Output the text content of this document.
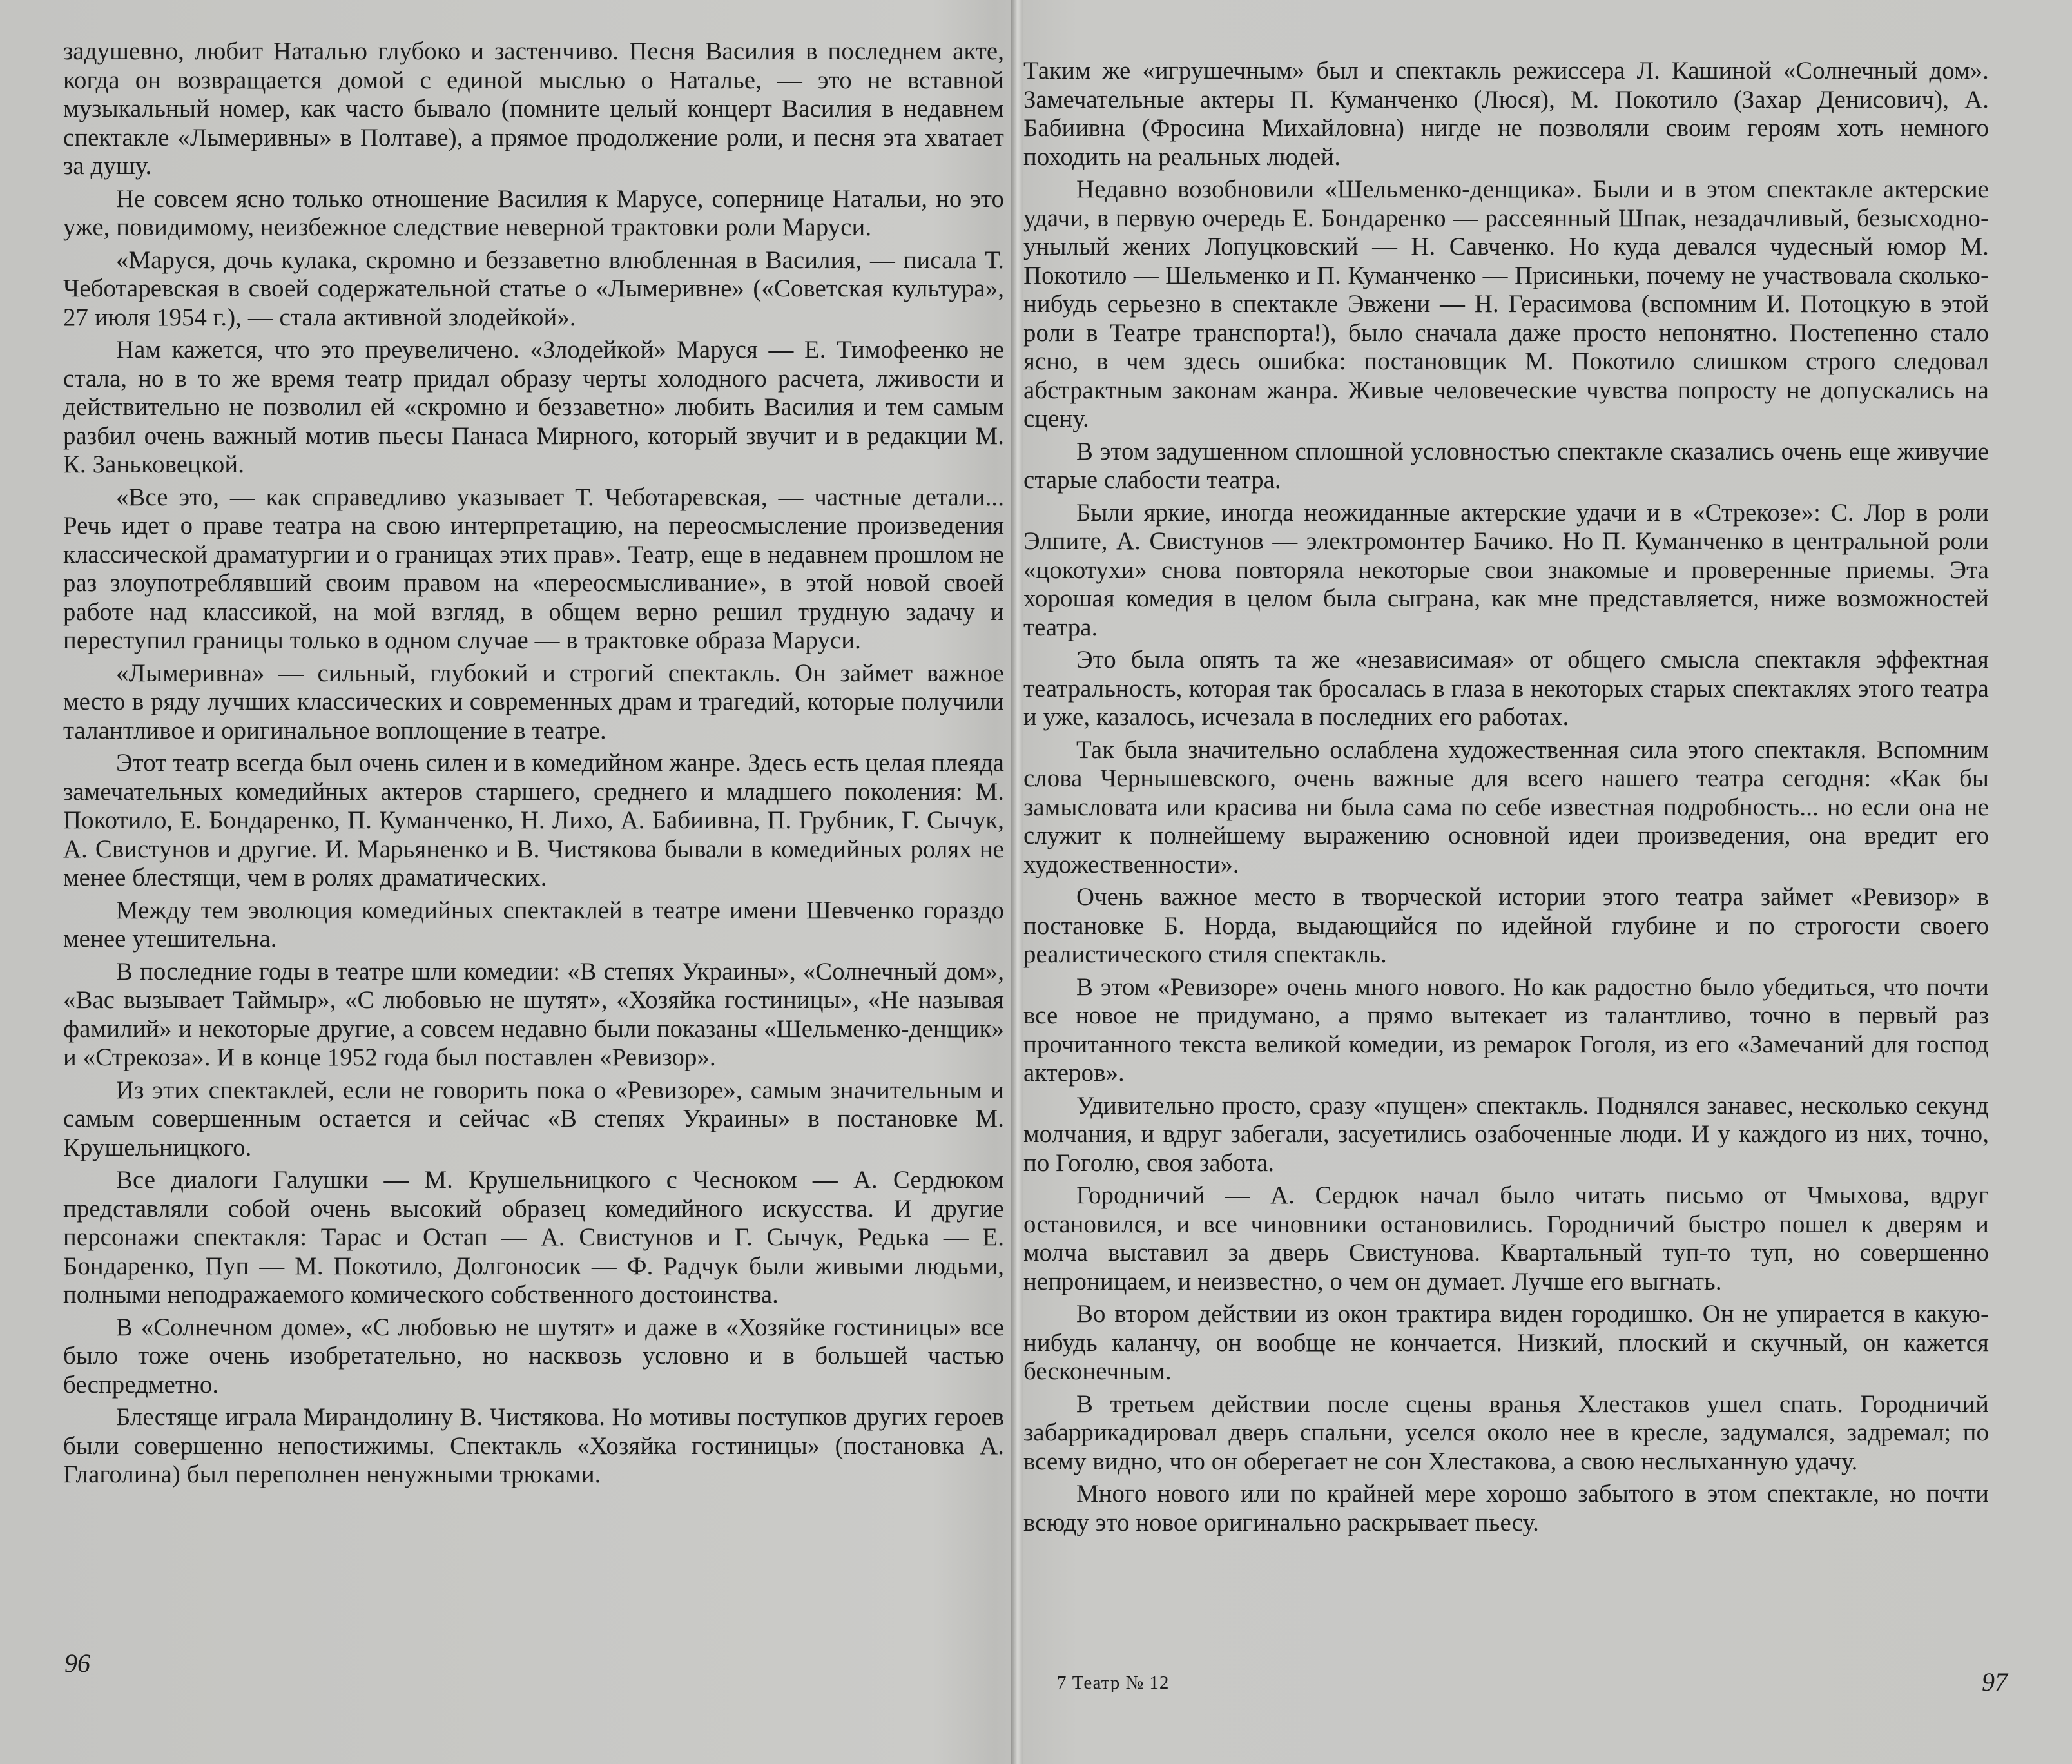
задушевно, любит Наталью глубоко и застенчиво. Песня Василия в последнем акте, когда он возвращается домой с единой мыслью о Натальe, — это не вставной музыкальный номер, как часто бывало (помните целый концерт Василия в недавнем спектакле «Лымеривны» в Полтаве), а прямое продолжение роли, и песня эта хватает за душу.

Не совсем ясно только отношение Василия к Марусе, сопернице Натальи, но это уже, повидимому, неизбежное следствие неверной трактовки роли Маруси.

«Маруся, дочь кулака, скромно и беззаветно влюбленная в Василия, — писала Т. Чеботаревская в своей содержательной статье о «Лымеривне» («Советская культура», 27 июля 1954 г.), — стала активной злодейкой».

Нам кажется, что это преувеличено. «Злодейкой» Маруся — Е. Тимофеенко не стала, но в то же время театр придал образу черты холодного расчета, лживости и действительно не позволил ей «скромно и беззаветно» любить Василия и тем самым разбил очень важный мотив пьесы Панаса Мирного, который звучит и в редакции М. К. Заньковецкой.

«Все это, — как справедливо указывает Т. Чеботаревская, — частные детали... Речь идет о праве театра на свою интерпретацию, на переосмысление произведения классической драматургии и о границах этих прав». Театр, еще в недавнем прошлом не раз злоупотреблявший своим правом на «переосмысливание», в этой новой своей работе над классикой, на мой взгляд, в общем верно решил трудную задачу и переступил границы только в одном случае — в трактовке образа Маруси.

«Лымеривна» — сильный, глубокий и строгий спектакль. Он займет важное место в ряду лучших классических и современных драм и трагедий, которые получили талантливое и оригинальное воплощение в театре.

Этот театр всегда был очень силен и в комедийном жанре. Здесь есть целая плеяда замечательных комедийных актеров старшего, среднего и младшего поколения: М. Покотило, Е. Бондаренко, П. Куманченко, Н. Лихо, А. Бабиивна, П. Грубник, Г. Сычук, А. Свистунов и другие. И. Марьяненко и В. Чистякова бывали в комедийных ролях не менее блестящи, чем в ролях драматических.

Между тем эволюция комедийных спектаклей в театре имени Шевченко гораздо менее утешительна.

В последние годы в театре шли комедии: «В степях Украины», «Солнечный дом», «Вас вызывает Таймыр», «С любовью не шутят», «Хозяйка гостиницы», «Не называя фамилий» и некоторые другие, а совсем недавно были показаны «Шельменко-денщик» и «Стрекоза». И в конце 1952 года был поставлен «Ревизор».

Из этих спектаклей, если не говорить пока о «Ревизоре», самым значительным и самым совершенным остается и сейчас «В степях Украины» в постановке М. Крушельницкого.

Все диалоги Галушки — М. Крушельницкого с Чесноком — А. Сердюком представляли собой очень высокий образец комедийного искусства. И другие персонажи спектакля: Тарас и Остап — А. Свистунов и Г. Сычук, Редька — Е. Бондаренко, Пуп — М. Покотило, Долгоносик — Ф. Радчук были живыми людьми, полными неподражаемого комического собственного достоинства.

В «Солнечном доме», «С любовью не шутят» и даже в «Хозяйке гостиницы» все было тоже очень изобретательно, но насквозь условно и в большей частью беспредметно.

Блестяще играла Мирандолину В. Чистякова. Но мотивы поступков других героев были совершенно непостижимы. Спектакль «Хозяйка гостиницы» (постановка А. Глаголина) был переполнен ненужными трюками.

96

Таким же «игрушечным» был и спектакль режиссера Л. Кашиной «Солнечный дом». Замечательные актеры П. Куманченко (Люся), М. Покотило (Захар Денисович), А. Бабиивна (Фросина Михайловна) нигде не позволяли своим героям хоть немного походить на реальных людей.

Недавно возобновили «Шельменко-денщика». Были и в этом спектакле актерские удачи, в первую очередь Е. Бондаренко — рассеянный Шпак, незадачливый, безысходно-унылый жених Лопуцковский — Н. Савченко. Но куда девался чудесный юмор М. Покотило — Шельменко и П. Куманченко — Присиньки, почему не участвовала сколько-нибудь серьезно в спектакле Эвжени — Н. Герасимова (вспомним И. Потоцкую в этой роли в Театре транспорта!), было сначала даже просто непонятно. Постепенно стало ясно, в чем здесь ошибка: постановщик М. Покотило слишком строго следовал абстрактным законам жанра. Живые человеческие чувства попросту не допускались на сцену.

В этом задушенном сплошной условностью спектакле сказались очень еще живучие старые слабости театра.

Были яркие, иногда неожиданные актерские удачи и в «Стрекозе»: С. Лор в роли Элпите, А. Свистунов — электромонтер Бачико. Но П. Куманченко в центральной роли «цокотухи» снова повторяла некоторые свои знакомые и проверенные приемы. Эта хорошая комедия в целом была сыграна, как мне представляется, ниже возможностей театра.

Это была опять та же «независимая» от общего смысла спектакля эффектная театральность, которая так бросалась в глаза в некоторых старых спектаклях этого театра и уже, казалось, исчезала в последних его работах.

Так была значительно ослаблена художественная сила этого спектакля. Вспомним слова Чернышевского, очень важные для всего нашего театра сегодня: «Как бы замысловата или красива ни была сама по себе известная подробность... но если она не служит к полнейшему выражению основной идеи произведения, она вредит его художественности».

Очень важное место в творческой истории этого театра займет «Ревизор» в постановке Б. Норда, выдающийся по идейной глубине и по строгости своего реалистического стиля спектакль.

В этом «Ревизоре» очень много нового. Но как радостно было убедиться, что почти все новое не придумано, а прямо вытекает из талантливо, точно в первый раз прочитанного текста великой комедии, из ремарок Гоголя, из его «Замечаний для господ актеров».

Удивительно просто, сразу «пущен» спектакль. Поднялся занавес, несколько секунд молчания, и вдруг забегали, засуетились озабоченные люди. И у каждого из них, точно, по Гоголю, своя забота.

Городничий — А. Сердюк начал было читать письмо от Чмыхова, вдруг остановился, и все чиновники остановились. Городничий быстро пошел к дверям и молча выставил за дверь Свистунова. Квартальный туп-то туп, но совершенно непроницаем, и неизвестно, о чем он думает. Лучше его выгнать.

Во втором действии из окон трактира виден городишко. Он не упирается в какую-нибудь каланчу, он вообще не кончается. Низкий, плоский и скучный, он кажется бесконечным.

В третьем действии после сцены вранья Хлестаков ушел спать. Городничий забаррикадировал дверь спальни, уселся около нее в кресле, задумался, задремал; по всему видно, что он оберегает не сон Хлестакова, а свою неслыханную удачу.

Много нового или по крайней мере хорошо забытого в этом спектакле, но почти всюду это новое оригинально раскрывает пьесу.

7 Театр № 12	97
